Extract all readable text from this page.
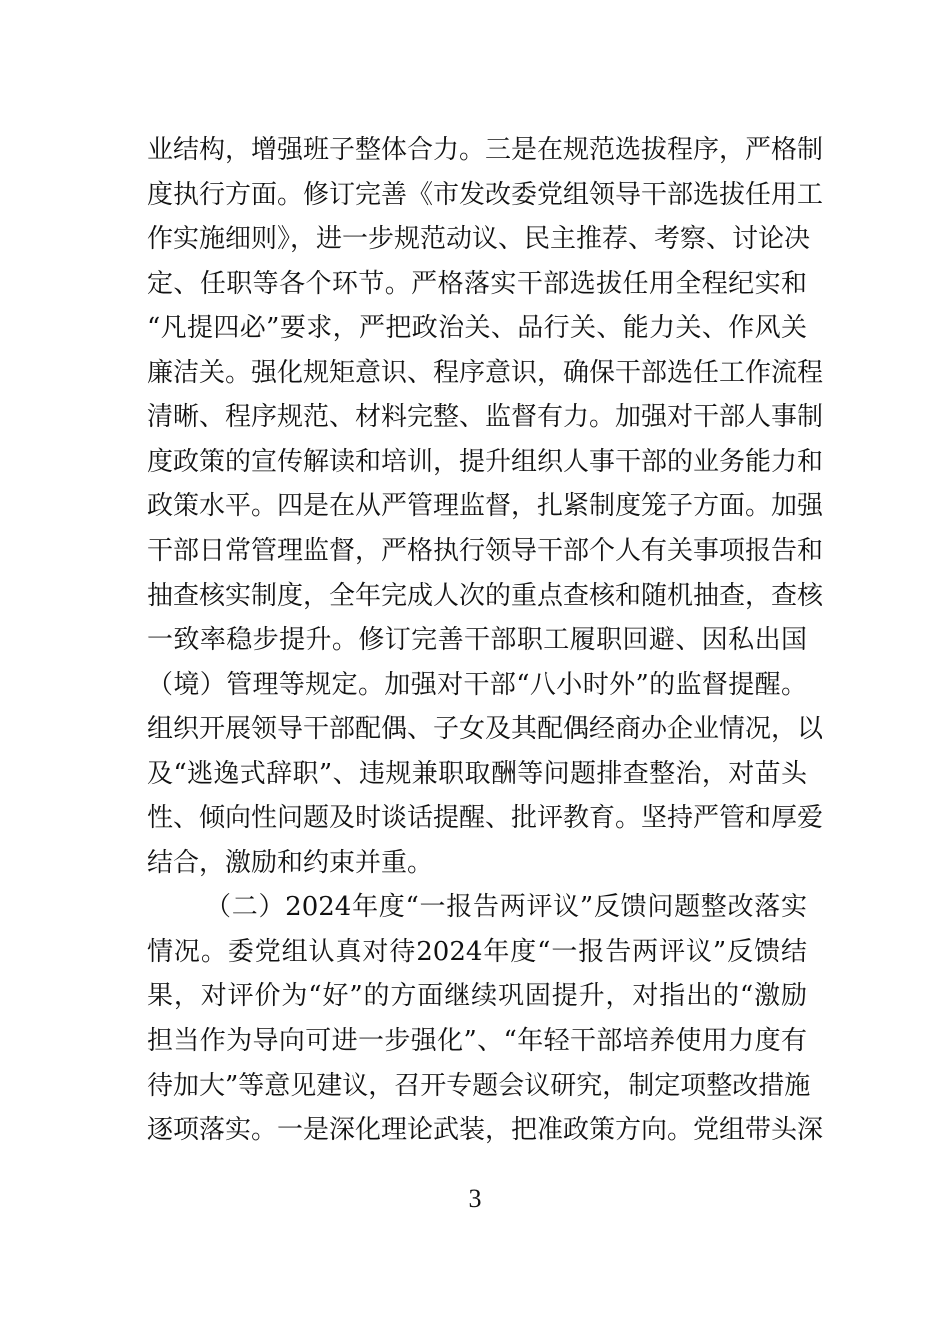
业结构，增强班子整体合力。三是在规范选拔程序，严格制
度执行方面。修订完善《市发改委党组领导干部选拔任用工
作实施细则》，进一步规范动议、民主推荐、考察、讨论决
定、任职等各个环节。严格落实干部选拔任用全程纪实和
“凡提四必”要求，严把政治关、品行关、能力关、作风关
廉洁关。强化规矩意识、程序意识，确保干部选任工作流程
清晰、程序规范、材料完整、监督有力。加强对干部人事制
度政策的宣传解读和培训，提升组织人事干部的业务能力和
政策水平。四是在从严管理监督，扎紧制度笼子方面。加强
干部日常管理监督，严格执行领导干部个人有关事项报告和
抽查核实制度，全年完成人次的重点查核和随机抽查，查核
一致率稳步提升。修订完善干部职工履职回避、因私出国
（境）管理等规定。加强对干部“八小时外”的监督提醒。
组织开展领导干部配偶、子女及其配偶经商办企业情况，以
及“逃逸式辞职”、违规兼职取酬等问题排查整治，对苗头
性、倾向性问题及时谈话提醒、批评教育。坚持严管和厚爱
结合，激励和约束并重。
（二）2024年度“一报告两评议”反馈问题整改落实
情况。委党组认真对待2024年度“一报告两评议”反馈结
果，对评价为“好”的方面继续巩固提升，对指出的“激励
担当作为导向可进一步强化”、“年轻干部培养使用力度有
待加大”等意见建议，召开专题会议研究，制定项整改措施
逐项落实。一是深化理论武装，把准政策方向。党组带头深
3
